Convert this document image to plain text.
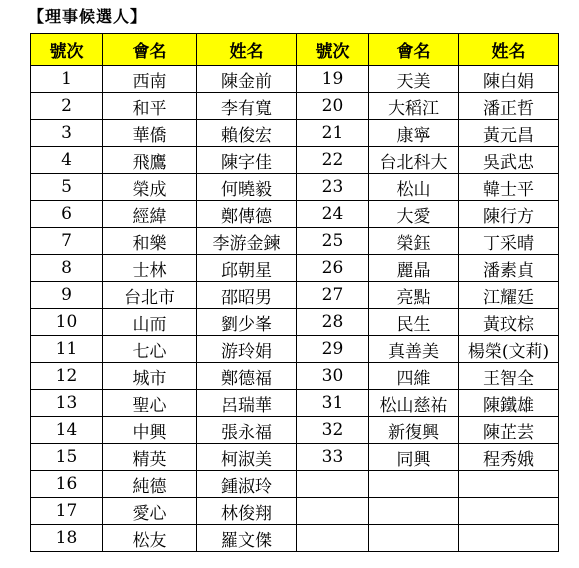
【理事候選人】
號次	會名	姓名
1	西南	陳金前
2	和平	李有寬
3	華僑	賴俊宏
4	飛鷹	陳字佳
5	榮成	何曉毅
6	經緯	鄭傳德
7	和樂	李游金鍊
8	士林	邱朝星
9	台北市	邵昭男
10	山而	劉少峯
11	七心	游玲娟
12	城市	鄭德福
13	聖心	呂瑞華
14	中興	張永福
15	精英	柯淑美
16	純德	鍾淑玲
17	愛心	林俊翔
18	松友	羅文傑
號次	會名	姓名
19	天美	陳白娟
20	大稻江	潘正哲
21	康寧	黃元昌
22	台北科大	吳武忠
23	松山	韓士平
24	大愛	陳行方
25	榮鈺	丁采晴
26	麗晶	潘素貞
27	亮點	江耀廷
28	民生	黃玟棕
29	真善美	楊榮(文莉)
30	四維	王智全
31	松山慈祐	陳鐵雄
32	新復興	陳芷芸
33	同興	程秀娥
